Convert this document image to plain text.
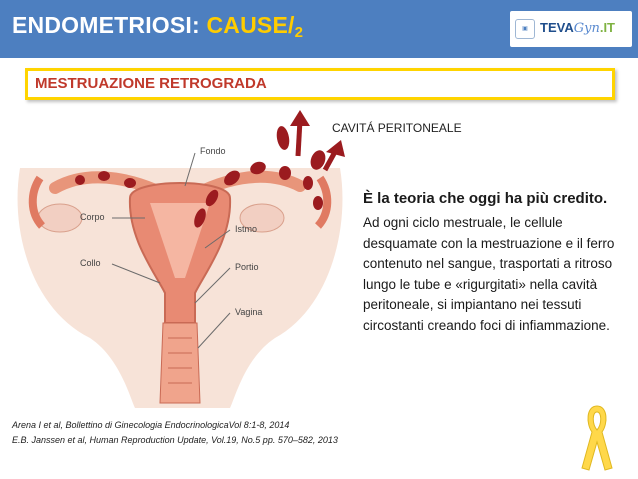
ENDOMETRIOSI: CAUSE/$_2$	▣ TEVAGyn.IT
MESTRUAZIONE RETROGRADA
CAVITÁ PERITONEALE
Fondo
Corpo
Istmo
Collo	Portio
Vagina

È la teoria che oggi ha più credito.

Ad ogni ciclo mestruale, le cellule desquamate con la mestruazione e il ferro contenuto nel sangue, trasportati a ritroso lungo le tube e «rigurgitati» nella cavità peritoneale, si impiantano nei tessuti circostanti creando foci di infiammazione.

Arena I et al, Bollettino di Ginecologia EndocrinologicaVol 8:1-8, 2014
E.B. Janssen et al, Human Reproduction Update, Vol.19, No.5 pp. 570–582, 2013
